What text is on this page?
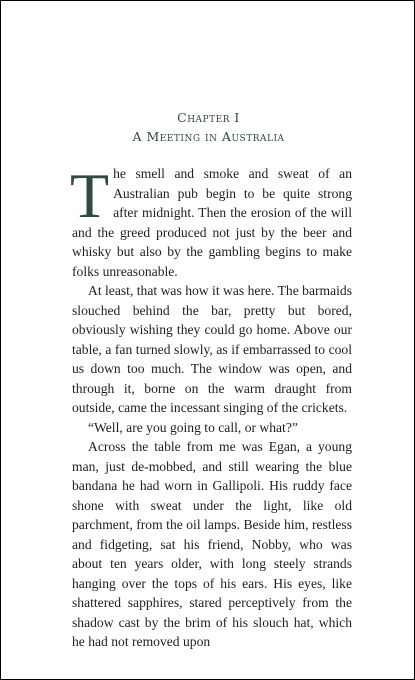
Chapter I
A Meeting in Australia

The smell and smoke and sweat of an Australian pub begin to be quite strong after midnight. Then the erosion of the will and the greed produced not just by the beer and whisky but also by the gambling begins to make folks unreasonable.

At least, that was how it was here. The barmaids slouched behind the bar, pretty but bored, obviously wishing they could go home. Above our table, a fan turned slowly, as if embarrassed to cool us down too much. The window was open, and through it, borne on the warm draught from outside, came the incessant singing of the crickets.

“Well, are you going to call, or what?”

Across the table from me was Egan, a young man, just de-mobbed, and still wearing the blue bandana he had worn in Gallipoli. His ruddy face shone with sweat under the light, like old parchment, from the oil lamps. Beside him, restless and fidgeting, sat his friend, Nobby, who was about ten years older, with long steely strands hanging over the tops of his ears. His eyes, like shattered sapphires, stared perceptively from the shadow cast by the brim of his slouch hat, which he had not removed upon
